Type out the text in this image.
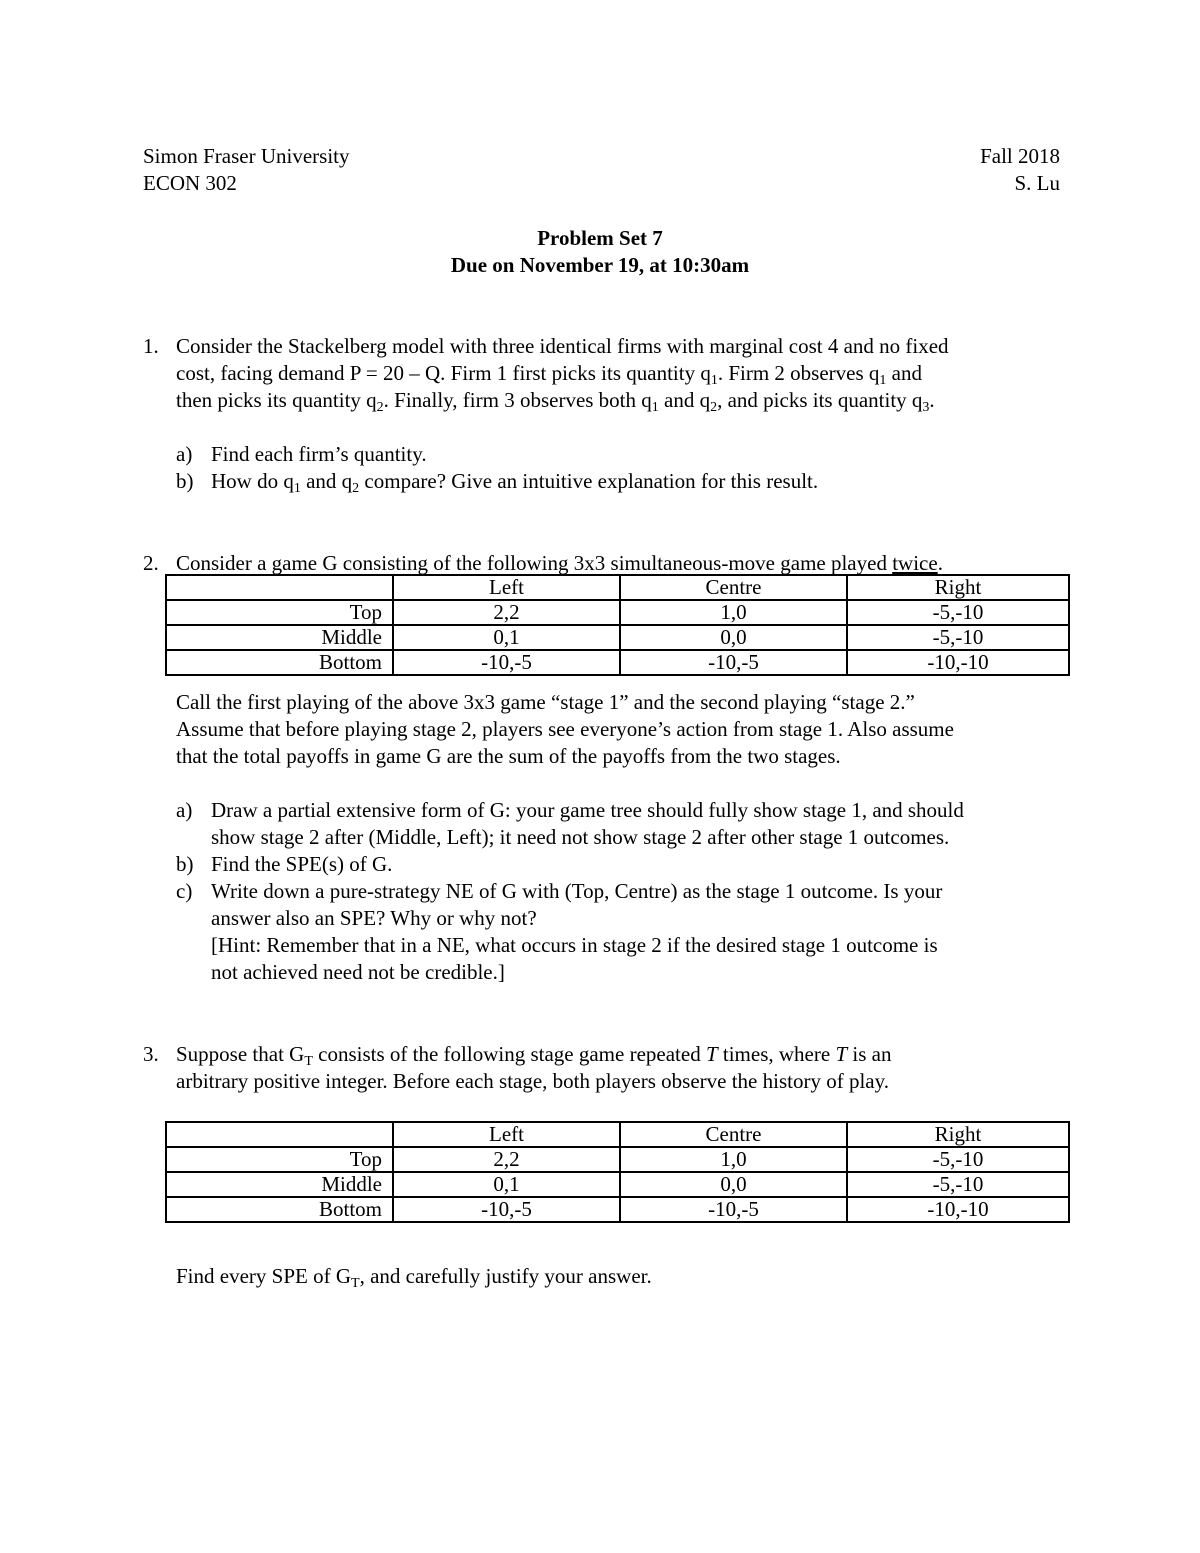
Simon Fraser University
ECON 302
Fall 2018
S. Lu
Problem Set 7
Due on November 19, at 10:30am
1. Consider the Stackelberg model with three identical firms with marginal cost 4 and no fixed
cost, facing demand P = 20 – Q. Firm 1 first picks its quantity $q_1$. Firm 2 observes $q_1$ and
then picks its quantity $q_2$. Finally, firm 3 observes both $q_1$ and $q_2$, and picks its quantity $q_3$.
a) Find each firm’s quantity.
b) How do $q_1$ and $q_2$ compare? Give an intuitive explanation for this result.
2. Consider a game G consisting of the following 3x3 simultaneous-move game played twice.
	Left	Centre	Right
Top	2,2	1,0	-5,-10
Middle	0,1	0,0	-5,-10
Bottom	-10,-5	-10,-5	-10,-10
Call the first playing of the above 3x3 game “stage 1” and the second playing “stage 2.”
Assume that before playing stage 2, players see everyone’s action from stage 1. Also assume
that the total payoffs in game G are the sum of the payoffs from the two stages.
a) Draw a partial extensive form of G: your game tree should fully show stage 1, and should
show stage 2 after (Middle, Left); it need not show stage 2 after other stage 1 outcomes.
b) Find the SPE(s) of G.
c) Write down a pure-strategy NE of G with (Top, Centre) as the stage 1 outcome. Is your
answer also an SPE? Why or why not?
[Hint: Remember that in a NE, what occurs in stage 2 if the desired stage 1 outcome is
not achieved need not be credible.]
3. Suppose that $G_T$ consists of the following stage game repeated T times, where T is an
arbitrary positive integer. Before each stage, both players observe the history of play.
	Left	Centre	Right
Top	2,2	1,0	-5,-10
Middle	0,1	0,0	-5,-10
Bottom	-10,-5	-10,-5	-10,-10
Find every SPE of $G_T$, and carefully justify your answer.
